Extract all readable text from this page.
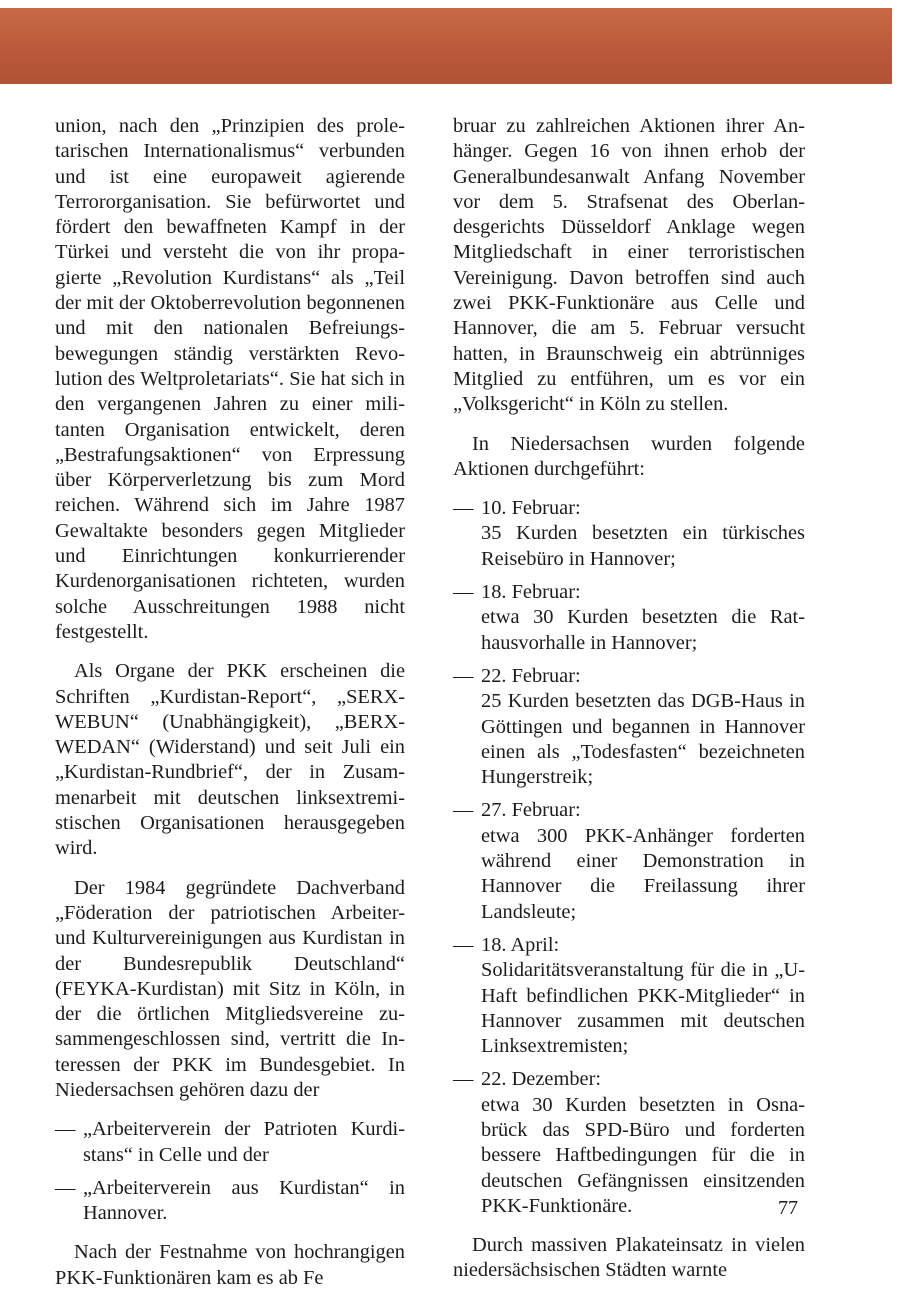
union, nach den „Prinzipien des proletarischen Internationalismus“ verbunden und ist eine europaweit agierende Terrororganisation. Sie befürwortet und fördert den bewaffneten Kampf in der Türkei und versteht die von ihr propagierte „Revolution Kurdistans“ als „Teil der mit der Oktoberrevolution begonnenen und mit den nationalen Befreiungsbewegungen ständig verstärkten Revolution des Weltproletariats“. Sie hat sich in den vergangenen Jahren zu einer militanten Organisation entwickelt, deren „Bestrafungsaktionen“ von Erpressung über Körperverletzung bis zum Mord reichen. Während sich im Jahre 1987 Gewaltakte besonders gegen Mitglieder und Einrichtungen konkurrierender Kurdenorganisationen richteten, wurden solche Ausschreitungen 1988 nicht festgestellt.

Als Organe der PKK erscheinen die Schriften „Kurdistan-Report“, „SERXWEBUN“ (Unabhängigkeit), „BERXWEDAN“ (Widerstand) und seit Juli ein „Kurdistan-Rundbrief“, der in Zusammenarbeit mit deutschen linksextremistischen Organisationen herausgegeben wird.

Der 1984 gegründete Dachverband „Föderation der patriotischen Arbeiter- und Kulturvereinigungen aus Kurdistan in der Bundesrepublik Deutschland“ (FEYKA-Kurdistan) mit Sitz in Köln, in der die örtlichen Mitgliedsvereine zusammengeschlossen sind, vertritt die Interessen der PKK im Bundesgebiet. In Niedersachsen gehören dazu der

— „Arbeiterverein der Patrioten Kurdistans“ in Celle und der
— „Arbeiterverein aus Kurdistan“ in Hannover.

Nach der Festnahme von hochrangigen PKK-Funktionären kam es ab Fe

bruar zu zahlreichen Aktionen ihrer Anhänger. Gegen 16 von ihnen erhob der Generalbundesanwalt Anfang November vor dem 5. Strafsenat des Oberlandesgerichts Düsseldorf Anklage wegen Mitgliedschaft in einer terroristischen Vereinigung. Davon betroffen sind auch zwei PKK-Funktionäre aus Celle und Hannover, die am 5. Februar versucht hatten, in Braunschweig ein abtrünniges Mitglied zu entführen, um es vor ein „Volksgericht“ in Köln zu stellen.

In Niedersachsen wurden folgende Aktionen durchgeführt:

— 10. Februar:
35 Kurden besetzten ein türkisches Reisebüro in Hannover;
— 18. Februar:
etwa 30 Kurden besetzten die Rathausvorhalle in Hannover;
— 22. Februar:
25 Kurden besetzten das DGB-Haus in Göttingen und begannen in Hannover einen als „Todesfasten“ bezeichneten Hungerstreik;
— 27. Februar:
etwa 300 PKK-Anhänger forderten während einer Demonstration in Hannover die Freilassung ihrer Landsleute;
— 18. April:
Solidaritätsveranstaltung für die in „U-Haft befindlichen PKK-Mitglieder“ in Hannover zusammen mit deutschen Linksextremisten;
— 22. Dezember:
etwa 30 Kurden besetzten in Osnabrück das SPD-Büro und forderten bessere Haftbedingungen für die in deutschen Gefängnissen einsitzenden PKK-Funktionäre.

Durch massiven Plakateinsatz in vielen niedersächsischen Städten warnte

77
